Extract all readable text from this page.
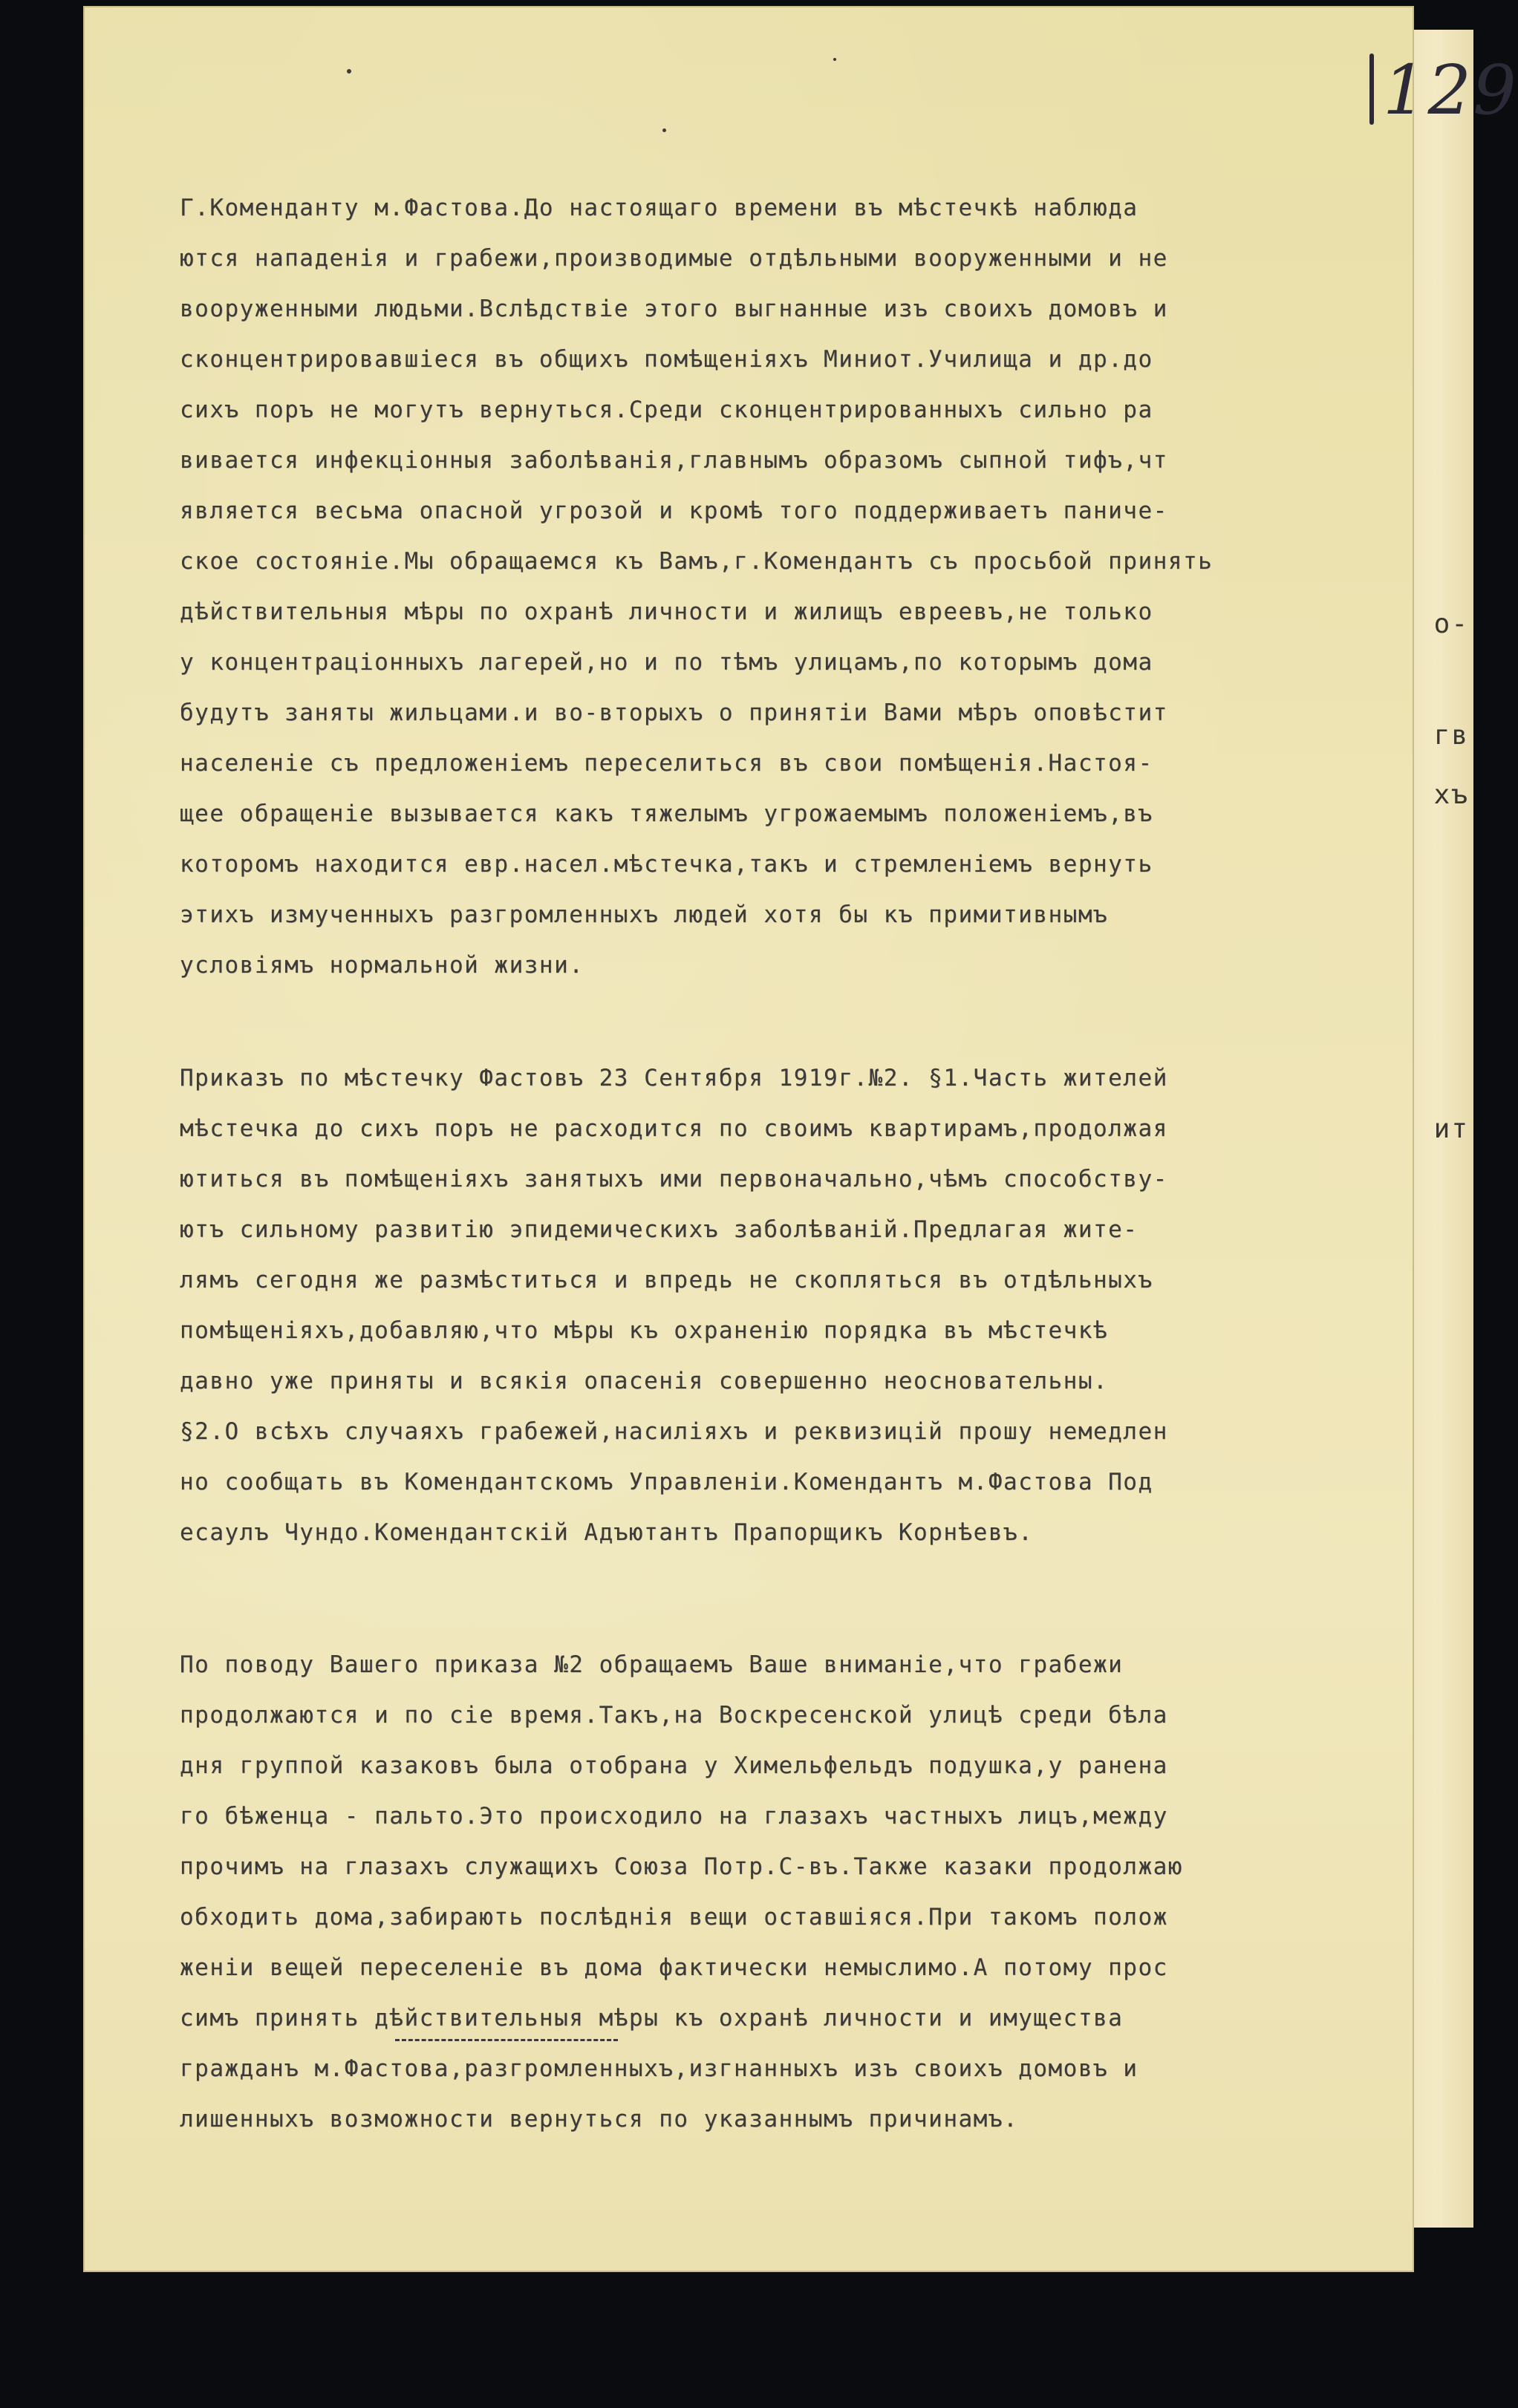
о-
гв
хъ
ит
129
Г.Коменданту м.Фастова.До настоящаго времени въ мѣстечкѣ наблюда
ются нападенія и грабежи,производимые отдѣльными вооруженными и не
вооруженными людьми.Вслѣдствіе этого выгнанные изъ своихъ домовъ и
сконцентрировавшіеся въ общихъ помѣщеніяхъ Миниот.Училища и др.до
сихъ поръ не могутъ вернуться.Среди сконцентрированныхъ сильно ра
вивается инфекціонныя заболѣванія,главнымъ образомъ сыпной тифъ,чт
является весьма опасной угрозой и кромѣ того поддерживаетъ паниче-
ское состояніе.Мы обращаемся къ Вамъ,г.Комендантъ съ просьбой принять
дѣйствительныя мѣры по охранѣ личности и жилищъ евреевъ,не только
у концентраціонныхъ лагерей,но и по тѣмъ улицамъ,по которымъ дома
будутъ заняты жильцами.и во-вторыхъ о принятіи Вами мѣръ оповѣстит
населеніе съ предложеніемъ переселиться въ свои помѣщенія.Настоя-
щее обращеніе вызывается какъ тяжелымъ угрожаемымъ положеніемъ,въ
которомъ находится евр.насел.мѣстечка,такъ и стремленіемъ вернуть
этихъ измученныхъ разгромленныхъ людей хотя бы къ примитивнымъ
условіямъ нормальной жизни.
Приказъ по мѣстечку Фастовъ 23 Сентября 1919г.№2. §1.Часть жителей
мѣстечка до сихъ поръ не расходится по своимъ квартирамъ,продолжая
ютиться въ помѣщеніяхъ занятыхъ ими первоначально,чѣмъ способству-
ютъ сильному развитію эпидемическихъ заболѣваній.Предлагая жите-
лямъ сегодня же размѣститься и впредь не скопляться въ отдѣльныхъ
помѣщеніяхъ,добавляю,что мѣры къ охраненію порядка въ мѣстечкѣ
давно уже приняты и всякія опасенія совершенно неосновательны.
§2.О всѣхъ случаяхъ грабежей,насиліяхъ и реквизицій прошу немедлен
но сообщать въ Комендантскомъ Управленіи.Комендантъ м.Фастова Под
есаулъ Чундо.Комендантскій Адъютантъ Прапорщикъ Корнѣевъ.
По поводу Вашего приказа №2 обращаемъ Ваше вниманіе,что грабежи
продолжаются и по сіе время.Такъ,на Воскресенской улицѣ среди бѣла
дня группой казаковъ была отобрана у Химельфельдъ подушка,у ранена
го бѣженца - пальто.Это происходило на глазахъ частныхъ лицъ,между
прочимъ на глазахъ служащихъ Союза Потр.С-въ.Также казаки продолжаю
обходить дома,забирають послѣднія вещи оставшіяся.При такомъ полож
женіи вещей переселеніе въ дома фактически немыслимо.А потому прос
симъ принять дѣйствительныя мѣры къ охранѣ личности и имущества
гражданъ м.Фастова,разгромленныхъ,изгнанныхъ изъ своихъ домовъ и
лишенныхъ возможности вернуться по указаннымъ причинамъ.
